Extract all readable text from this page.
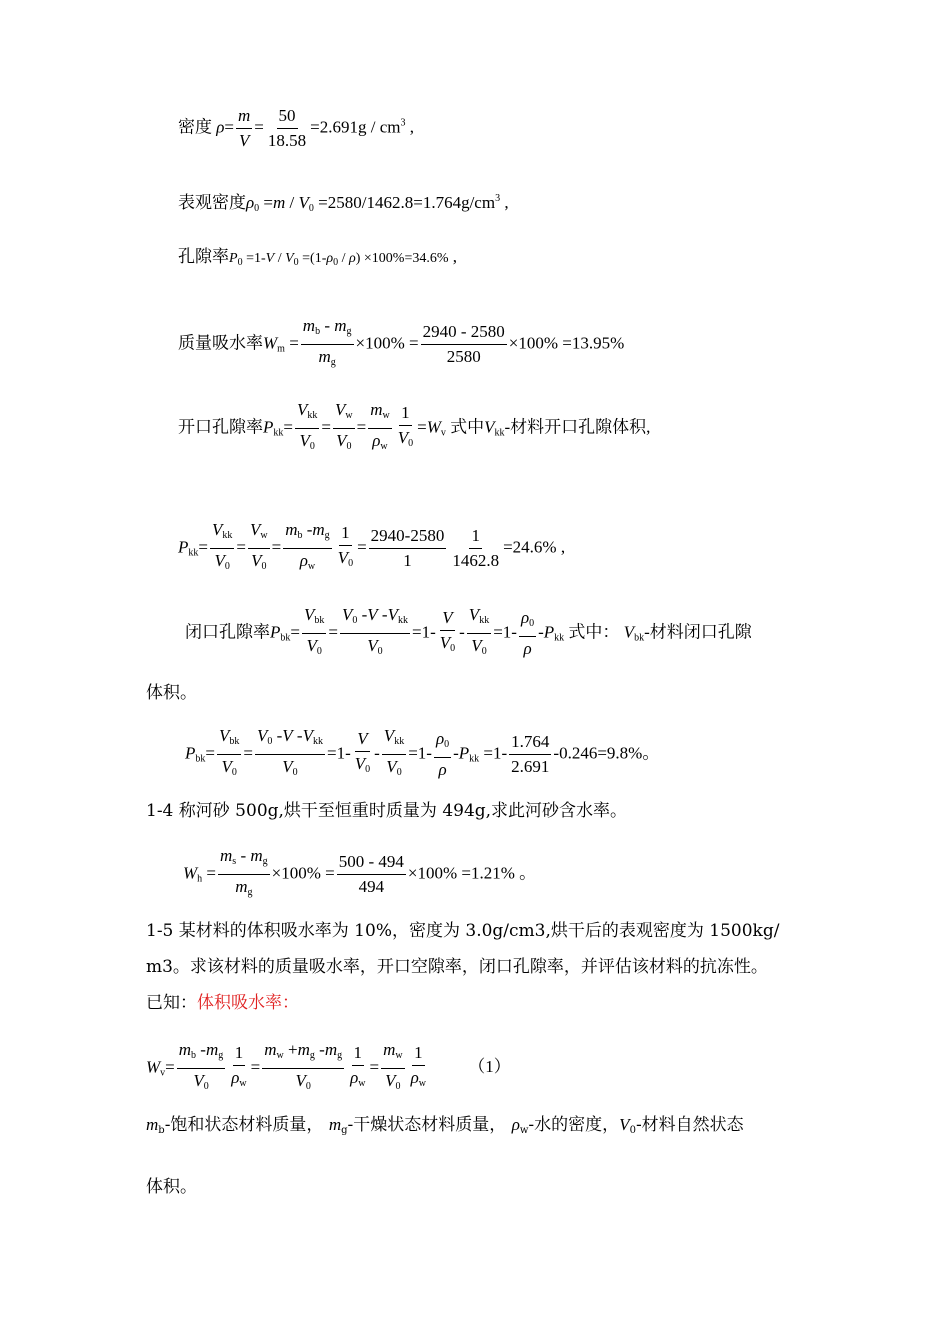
密度 $\rho= \frac{m}{V} = \frac{50}{18.58} =2.691g / cm^3$ ,
表观密度$\rho_0 =m / V_0 =2580/1462.8=1.764g/cm^3$ ,
孔隙率$P_0 =1-V / V_0 =(1-\rho_0 / \rho) \times 100\%=34.6\%$ ,
质量吸水率$W_m = \frac{m_b - m_g}{m_g} \times 100\% = \frac{2940 - 2580}{2580} \times 100\% =13.95\%$
开口孔隙率$P_{kk}= \frac{V_{kk}}{V_0} = \frac{V_w}{V_0} = \frac{m_w}{\rho_w} \frac{1}{V_0} =W_v$ 式中$V_{kk}-$材料开口孔隙体积,
$P_{kk}= \frac{V_{kk}}{V_0} = \frac{V_w}{V_0} = \frac{m_b -m_g}{\rho_w} \frac{1}{V_0} = \frac{2940-2580}{1} \frac{1}{1462.8} =24.6\%$ ,
闭口孔隙率$P_{bk}= \frac{V_{bk}}{V_0} = \frac{V_0 -V -V_{kk}}{V_0} =1- \frac{V}{V_0} - \frac{V_{kk}}{V_0} =1- \frac{\rho_0}{\rho} -P_{kk}$ 式中： $V_{bk}-$材料闭口孔隙
体积。
$P_{bk}= \frac{V_{bk}}{V_0} = \frac{V_0 -V -V_{kk}}{V_0} =1- \frac{V}{V_0} - \frac{V_{kk}}{V_0} =1- \frac{\rho_0}{\rho} -P_{kk} =1- \frac{1.764}{2.691} -0.246=9.8\%$。
1-4 称河砂 500g,烘干至恒重时质量为 494g,求此河砂含水率。
$W_h = \frac{m_s - m_g}{m_g} \times 100\% = \frac{500 - 494}{494} \times 100\% =1.21\%$ 。
1-5 某材料的体积吸水率为 10%，密度为 3.0g/cm3,烘干后的表观密度为 1500kg/
m3。求该材料的质量吸水率，开口空隙率，闭口孔隙率，并评估该材料的抗冻性。
已知：体积吸水率：
$W_v= \frac{m_b -m_g}{V_0} \frac{1}{\rho_w} = \frac{m_w +m_g -m_g}{V_0} \frac{1}{\rho_w} = \frac{m_w}{V_0} \frac{1}{\rho_w} (1)$
$m_b-$饱和状态材料质量， $m_g-$干燥状态材料质量， $\rho_w-$水的密度，$V_0-$材料自然状态
体积。
